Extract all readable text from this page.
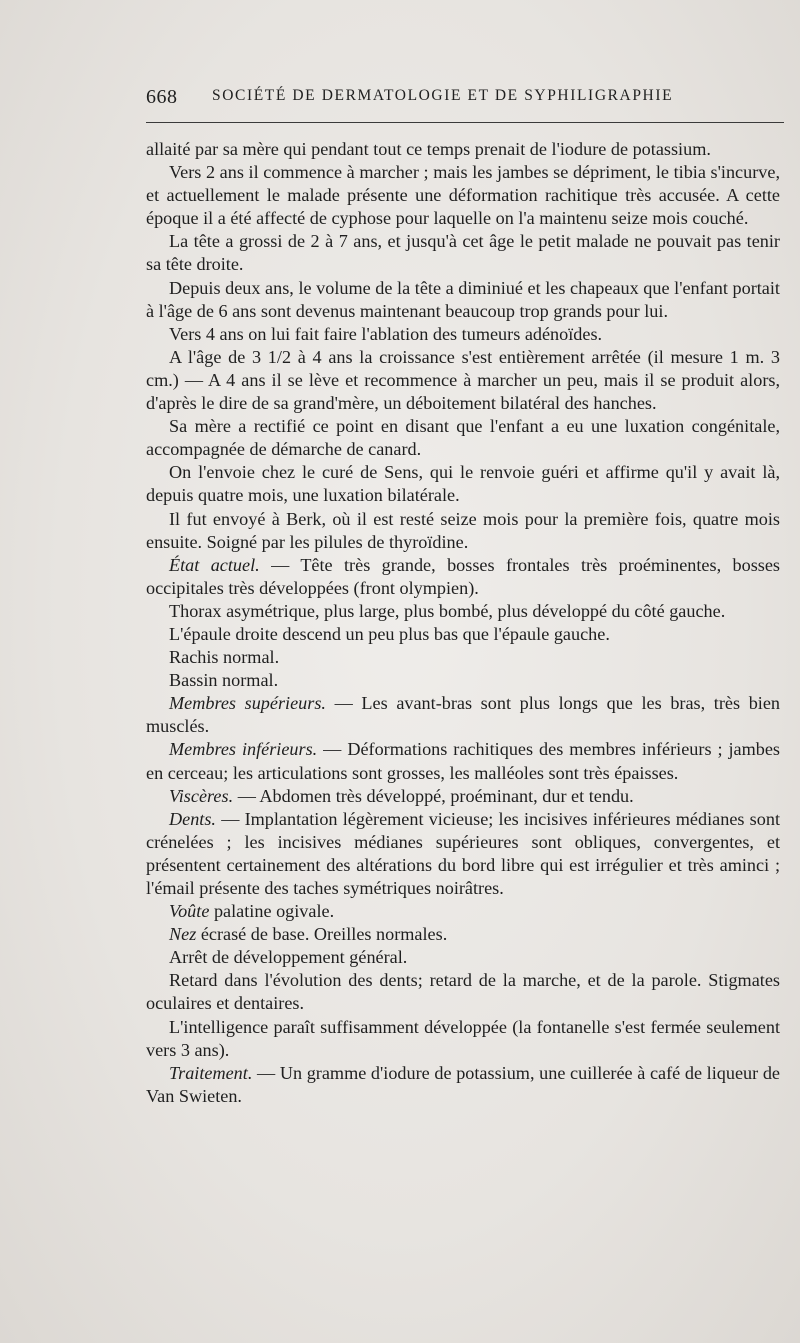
668 SOCIÉTÉ DE DERMATOLOGIE ET DE SYPHILIGRAPHIE

allaité par sa mère qui pendant tout ce temps prenait de l'iodure de potassium.

Vers 2 ans il commence à marcher ; mais les jambes se dépriment, le tibia s'incurve, et actuellement le malade présente une déformation rachitique très accusée. A cette époque il a été affecté de cyphose pour laquelle on l'a maintenu seize mois couché.

La tête a grossi de 2 à 7 ans, et jusqu'à cet âge le petit malade ne pouvait pas tenir sa tête droite.

Depuis deux ans, le volume de la tête a diminiué et les chapeaux que l'enfant portait à l'âge de 6 ans sont devenus maintenant beaucoup trop grands pour lui.

Vers 4 ans on lui fait faire l'ablation des tumeurs adénoïdes.

A l'âge de 3 1/2 à 4 ans la croissance s'est entièrement arrêtée (il mesure 1 m. 3 cm.) — A 4 ans il se lève et recommence à marcher un peu, mais il se produit alors, d'après le dire de sa grand'mère, un déboitement bilatéral des hanches.

Sa mère a rectifié ce point en disant que l'enfant a eu une luxation congénitale, accompagnée de démarche de canard.

On l'envoie chez le curé de Sens, qui le renvoie guéri et affirme qu'il y avait là, depuis quatre mois, une luxation bilatérale.

Il fut envoyé à Berk, où il est resté seize mois pour la première fois, quatre mois ensuite. Soigné par les pilules de thyroïdine.

État actuel. — Tête très grande, bosses frontales très proéminentes, bosses occipitales très développées (front olympien).

Thorax asymétrique, plus large, plus bombé, plus développé du côté gauche.

L'épaule droite descend un peu plus bas que l'épaule gauche.

Rachis normal.

Bassin normal.

Membres supérieurs. — Les avant-bras sont plus longs que les bras, très bien musclés.

Membres inférieurs. — Déformations rachitiques des membres inférieurs ; jambes en cerceau; les articulations sont grosses, les malléoles sont très épaisses.

Viscères. — Abdomen très développé, proéminant, dur et tendu.

Dents. — Implantation légèrement vicieuse; les incisives inférieures médianes sont crénelées ; les incisives médianes supérieures sont obliques, convergentes, et présentent certainement des altérations du bord libre qui est irrégulier et très aminci ; l'émail présente des taches symétriques noirâtres.

Voûte palatine ogivale.

Nez écrasé de base. Oreilles normales.

Arrêt de développement général.

Retard dans l'évolution des dents; retard de la marche, et de la parole. Stigmates oculaires et dentaires.

L'intelligence paraît suffisamment développée (la fontanelle s'est fermée seulement vers 3 ans).

Traitement. — Un gramme d'iodure de potassium, une cuillerée à café de liqueur de Van Swieten.
